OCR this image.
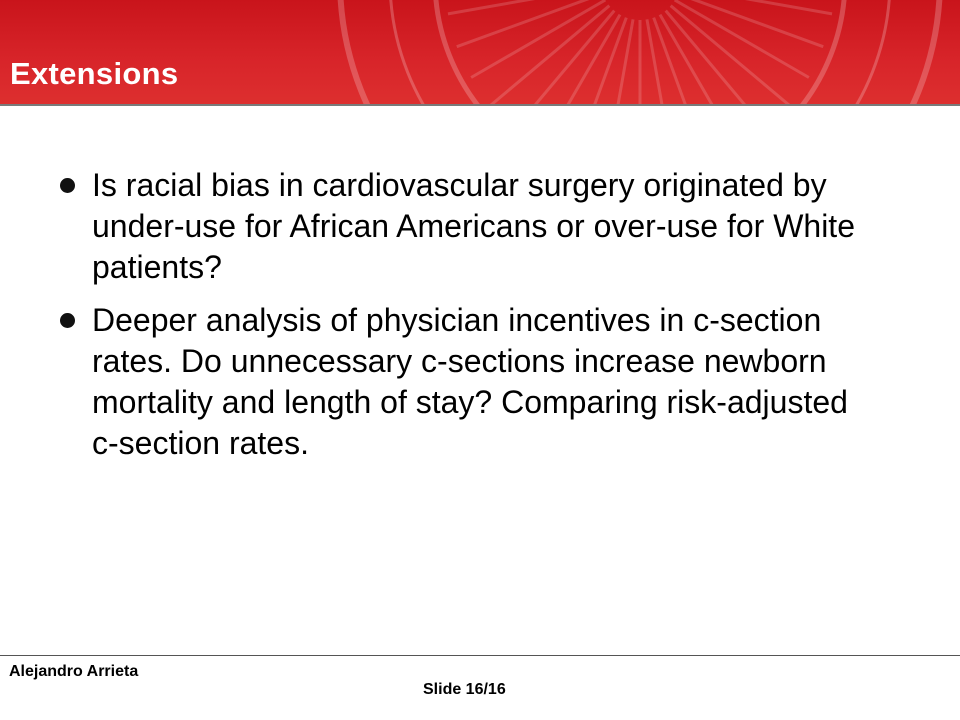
Extensions
Is racial bias in cardiovascular surgery originated by under-use for African Americans or over-use for White patients?
Deeper analysis of physician incentives in c-section rates. Do unnecessary c-sections increase newborn mortality and length of stay? Comparing risk-adjusted c-section rates.
Alejandro Arrieta
Slide 16/16
